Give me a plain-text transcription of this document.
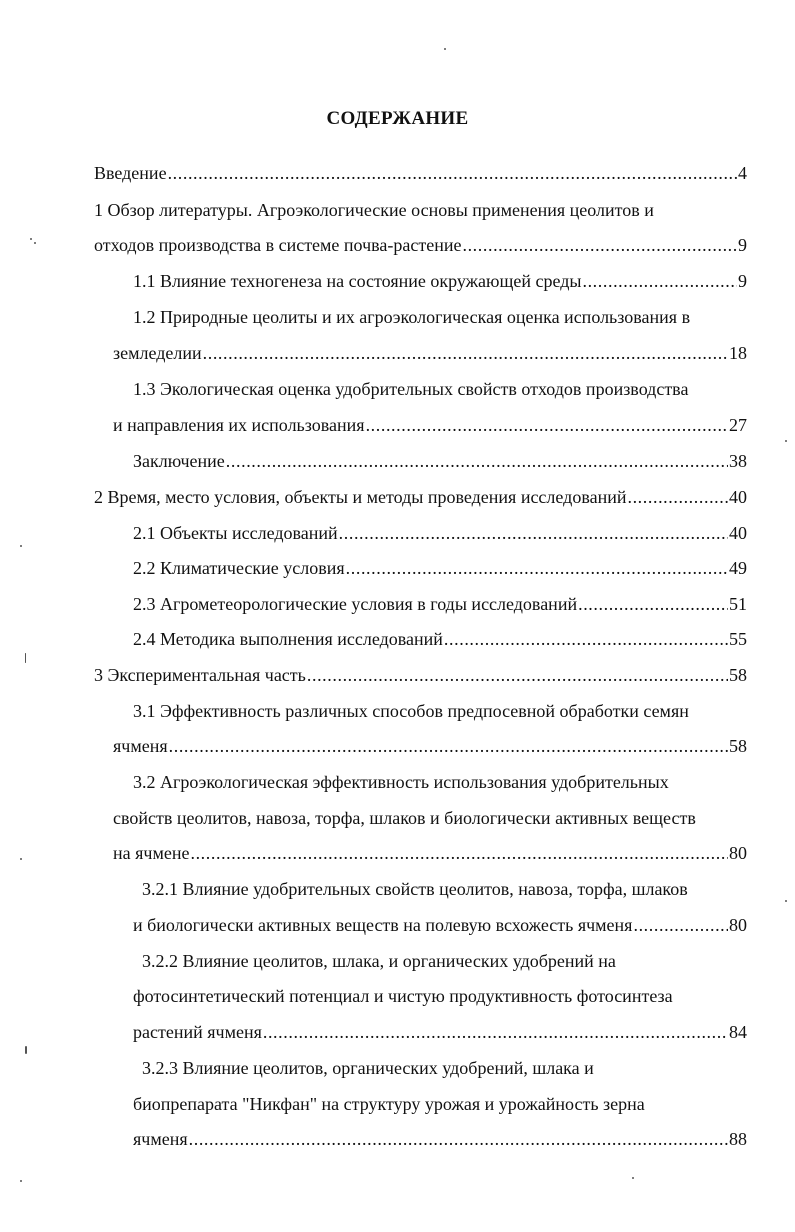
СОДЕРЖАНИЕ
Введение .....	4
1 Обзор литературы. Агроэкологические основы применения цеолитов и
отходов производства в системе почва-растение .....	9
1.1 Влияние техногенеза на состояние окружающей среды .....	9
1.2 Природные цеолиты и их агроэкологическая оценка использования в
земледелии .....	18
1.3 Экологическая оценка удобрительных свойств отходов производства
и направления их использования .....	27
Заключение .....	38
2 Время, место условия, объекты и методы проведения исследований .....	40
2.1 Объекты исследований .....	40
2.2 Климатические условия .....	49
2.3 Агрометеорологические условия в годы исследований .....	51
2.4 Методика выполнения исследований .....	55
3 Экспериментальная часть .....	58
3.1 Эффективность различных способов предпосевной обработки семян
ячменя .....	58
3.2 Агроэкологическая эффективность использования удобрительных
свойств цеолитов, навоза, торфа, шлаков и биологически активных веществ
на ячмене .....	80
3.2.1 Влияние удобрительных свойств цеолитов, навоза, торфа, шлаков
и биологически активных веществ на полевую всхожесть ячменя .....	80
3.2.2 Влияние цеолитов, шлака, и органических удобрений на
фотосинтетический потенциал и чистую продуктивность фотосинтеза
растений ячменя .....	84
3.2.3 Влияние цеолитов, органических удобрений, шлака и
биопрепарата "Никфан" на структуру урожая и урожайность зерна
ячменя .....	88
